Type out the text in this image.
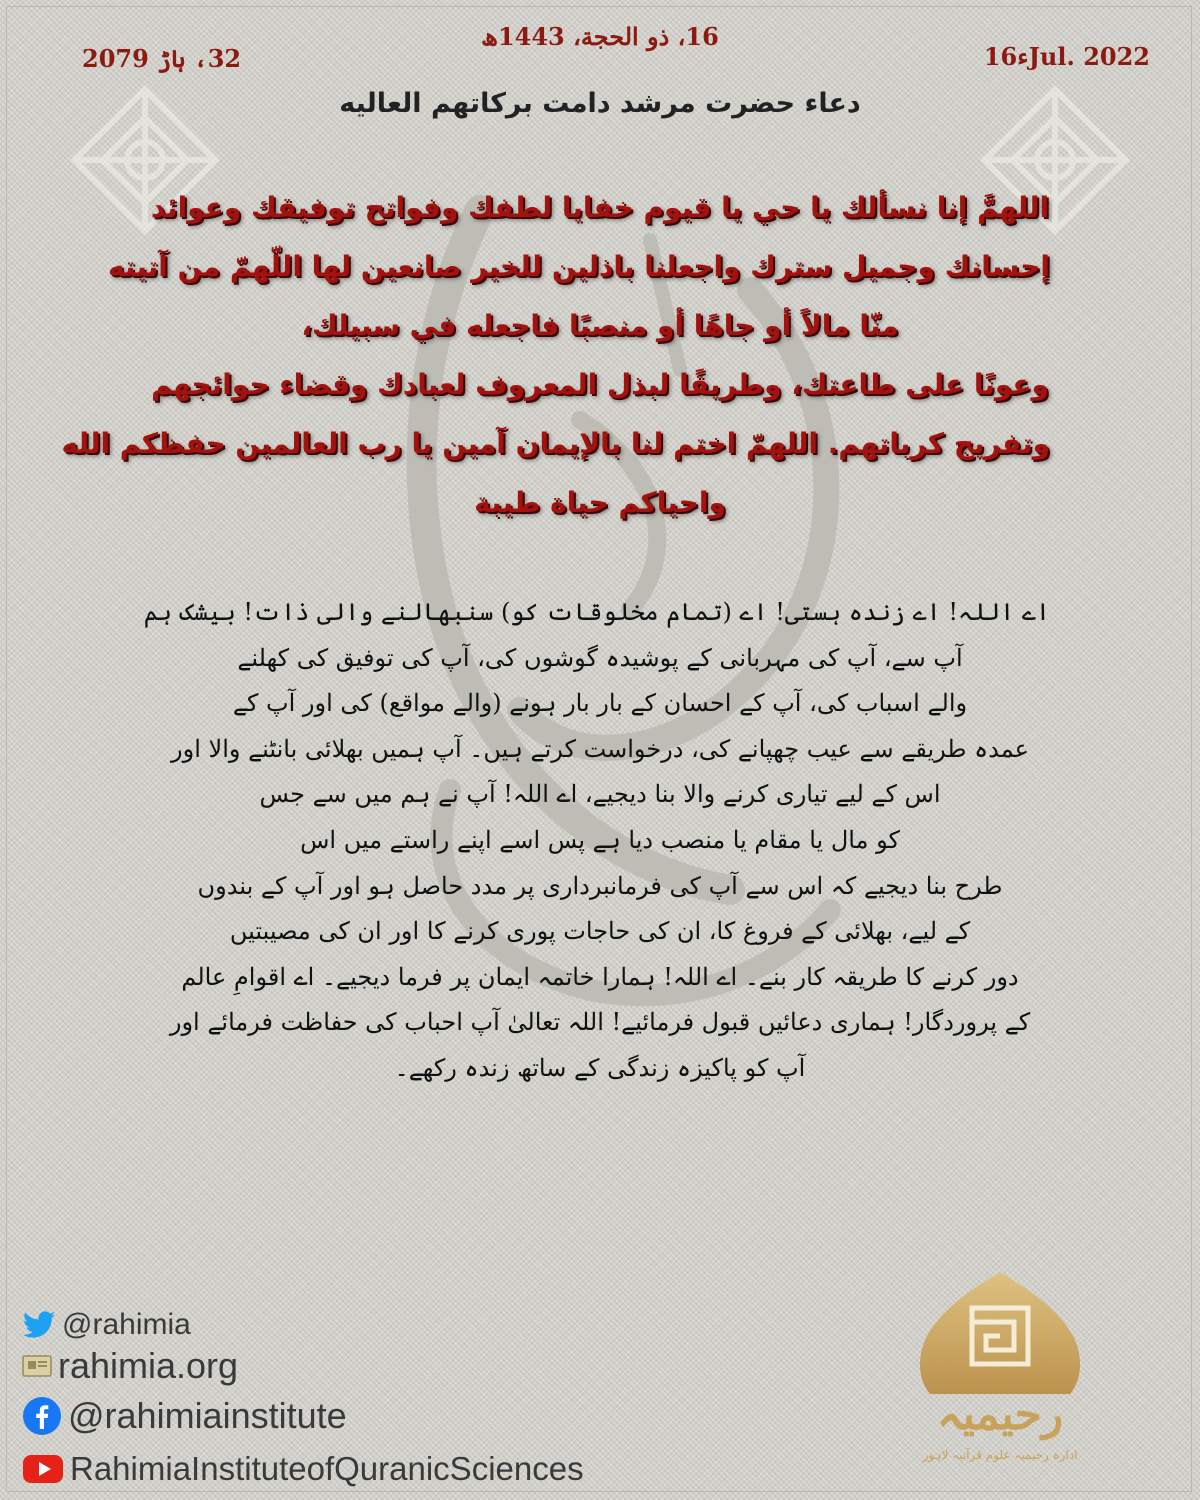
32، ہاڑ 2079
16، ذو الحجة، 1443ھ
ء16Jul. 2022
دعاء حضرت مرشد دامت برکاتهم العاليه
اللهمَّ إنا نسألك يا حي يا قيوم خفايا لطفك وفواتح توفيقك وعوائد
إحسانك وجميل سترك واجعلنا باذلين للخير صانعين لها اللّهمّ من آتيته
منّا مالاً أو جاهًا أو منصبًا فاجعله في سبيلك،
وعونًا على طاعتك، وطريقًا لبذل المعروف لعبادك وقضاء حوائجهم
وتفريج كرباتهم. اللهمّ اختم لنا بالإيمان آمين يا رب العالمين حفظكم الله
واحياكم حياة طيبة
اے اللہ! اے زندہ ہستی! اے (تمام مخلوقات کو) سنبھالنے والی ذات! بیشک ہم
آپ سے، آپ کی مہربانی کے پوشیدہ گوشوں کی، آپ کی توفیق کی کھلنے
والے اسباب کی، آپ کے احسان کے بار بار ہونے (والے مواقع) کی اور آپ کے
عمدہ طریقے سے عیب چھپانے کی، درخواست کرتے ہیں۔ آپ ہمیں بھلائی بانٹنے والا اور
اس کے لیے تیاری کرنے والا بنا دیجیے، اے اللہ! آپ نے ہم میں سے جس
کو مال یا مقام یا منصب دیا ہے پس اسے اپنے راستے میں اس
طرح بنا دیجیے کہ اس سے آپ کی فرمانبرداری پر مدد حاصل ہو اور آپ کے بندوں
کے لیے، بھلائی کے فروغ کا، ان کی حاجات پوری کرنے کا اور ان کی مصیبتیں
دور کرنے کا طریقہ کار بنے۔ اے اللہ! ہمارا خاتمہ ایمان پر فرما دیجیے۔ اے اقوامِ عالم
کے پروردگار! ہماری دعائیں قبول فرمائیے! اللہ تعالیٰ آپ احباب کی حفاظت فرمائے اور
آپ کو پاکیزہ زندگی کے ساتھ زندہ رکھے۔
@rahimia
rahimia.org
@rahimiainstitute
RahimiaInstituteofQuranicSciences
رحیمیہ
ادارہ رحیمیہ علوم قرآنیہ لاہور
